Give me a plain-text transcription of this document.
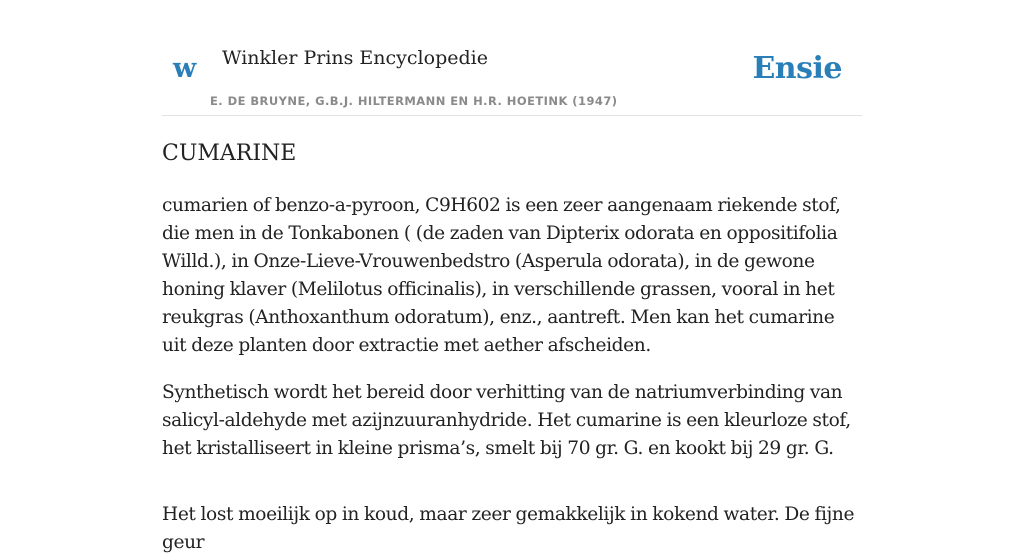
w Winkler Prins Encyclopedie
E. DE BRUYNE, G.B.J. HILTERMANN EN H.R. HOETINK (1947)
Ensie
CUMARINE

cumarien of benzo-a-pyroon, C9H602 is een zeer aangenaam riekende stof, die men in de Tonkabonen ( (de zaden van Dipterix odorata en oppositifolia Willd.), in Onze-Lieve-Vrouwenbedstro (Asperula odorata), in de gewone honing klaver (Melilotus officinalis), in verschillende grassen, vooral in het reukgras (Anthoxanthum odoratum), enz., aantreft. Men kan het cumarine uit deze planten door extractie met aether afscheiden.

Synthetisch wordt het bereid door verhitting van de natriumverbinding van salicyl-aldehyde met azijnzuuranhydride. Het cumarine is een kleurloze stof, het kristalliseert in kleine prisma’s, smelt bij 70 gr. G. en kookt bij 29 gr. G.

Het lost moeilijk op in koud, maar zeer gemakkelijk in kokend water. De fijne geur
